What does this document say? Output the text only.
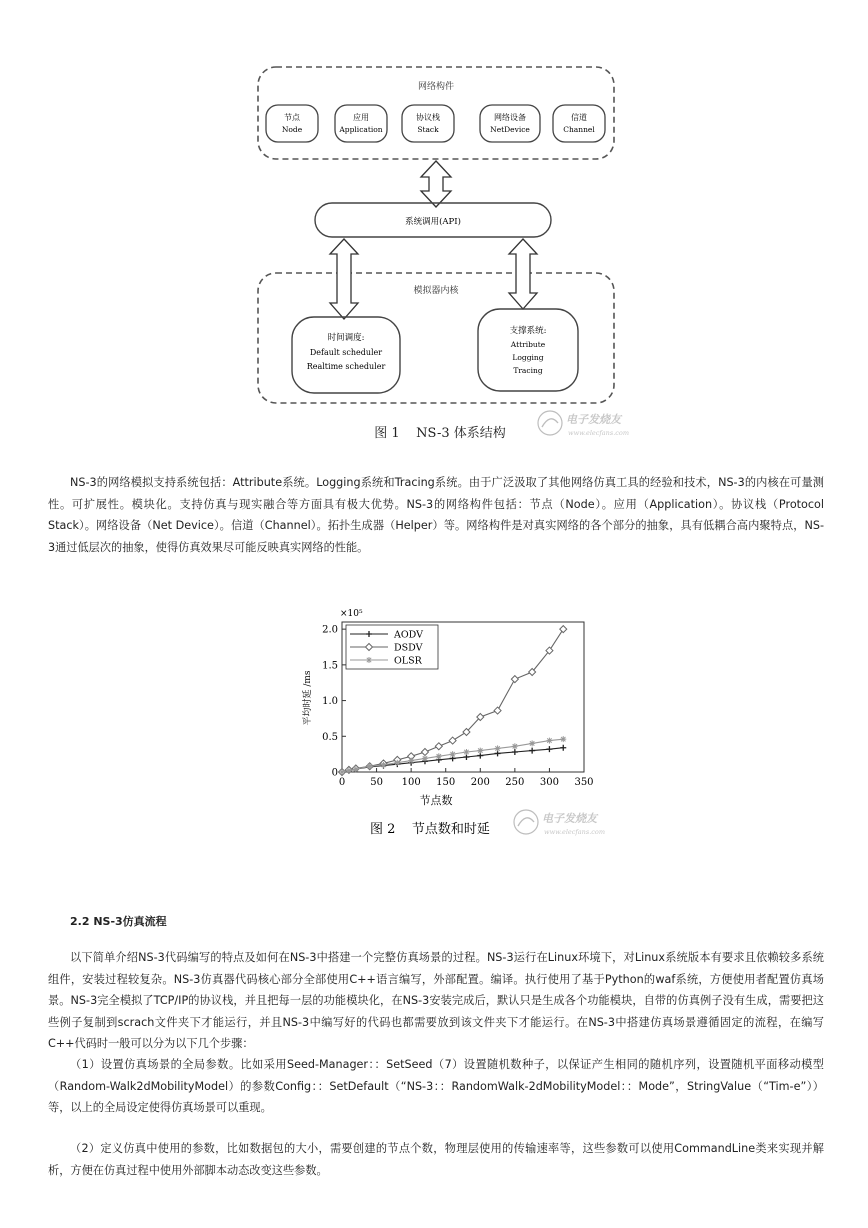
网络构件
节点
Node
应用
Application
协议栈
Stack
网络设备
NetDevice
信道
Channel
系统调用(API)
模拟器内核
时间调度:
Default scheduler
Realtime scheduler
支撑系统:
Attribute
Logging
Tracing
图 1    NS-3 体系结构
电子发烧友
www.elecfans.com

NS-3的网络模拟支持系统包括：Attribute系统。Logging系统和Tracing系统。由于广泛汲取了其他网络仿真工具的经验和技术，NS-3的内核在可量测性。可扩展性。模块化。支持仿真与现实融合等方面具有极大优势。NS-3的网络构件包括：节点（Node）。应用（Application）。协议栈（Protocol Stack）。网络设备（Net Device）。信道（Channel）。拓扑生成器（Helper）等。网络构件是对真实网络的各个部分的抽象，具有低耦合高内聚特点，NS-3通过低层次的抽象，使得仿真效果尽可能反映真实网络的性能。

×10⁵
0
0.5
1.0
1.5
2.0
0	50 100 150 200 250 300 350
AODV
DSDV
OLSR
节点数
平均时延 /ms
图 2    节点数和时延
电子发烧友
www.elecfans.com
2.2 NS-3仿真流程

以下简单介绍NS-3代码编写的特点及如何在NS-3中搭建一个完整仿真场景的过程。NS-3运行在Linux环境下，对Linux系统版本有要求且依赖较多系统组件，安装过程较复杂。NS-3仿真器代码核心部分全部使用C++语言编写，外部配置。编译。执行使用了基于Python的waf系统，方便使用者配置仿真场景。NS-3完全模拟了TCP/IP的协议栈，并且把每一层的功能模块化，在NS-3安装完成后，默认只是生成各个功能模块，自带的仿真例子没有生成，需要把这些例子复制到scrach文件夹下才能运行，并且NS-3中编写好的代码也都需要放到该文件夹下才能运行。在NS-3中搭建仿真场景遵循固定的流程，在编写C++代码时一般可以分为以下几个步骤：

（1）设置仿真场景的全局参数。比如采用Seed-Manager：：SetSeed（7）设置随机数种子，以保证产生相同的随机序列，设置随机平面移动模型（Random-Walk2dMobilityModel）的参数Config：：SetDefault（“NS-3：：RandomWalk-2dMobilityModel：：Mode”，StringValue（“Tim-e”））等，以上的全局设定使得仿真场景可以重现。

（2）定义仿真中使用的参数，比如数据包的大小，需要创建的节点个数，物理层使用的传输速率等，这些参数可以使用CommandLine类来实现并解析，方便在仿真过程中使用外部脚本动态改变这些参数。
